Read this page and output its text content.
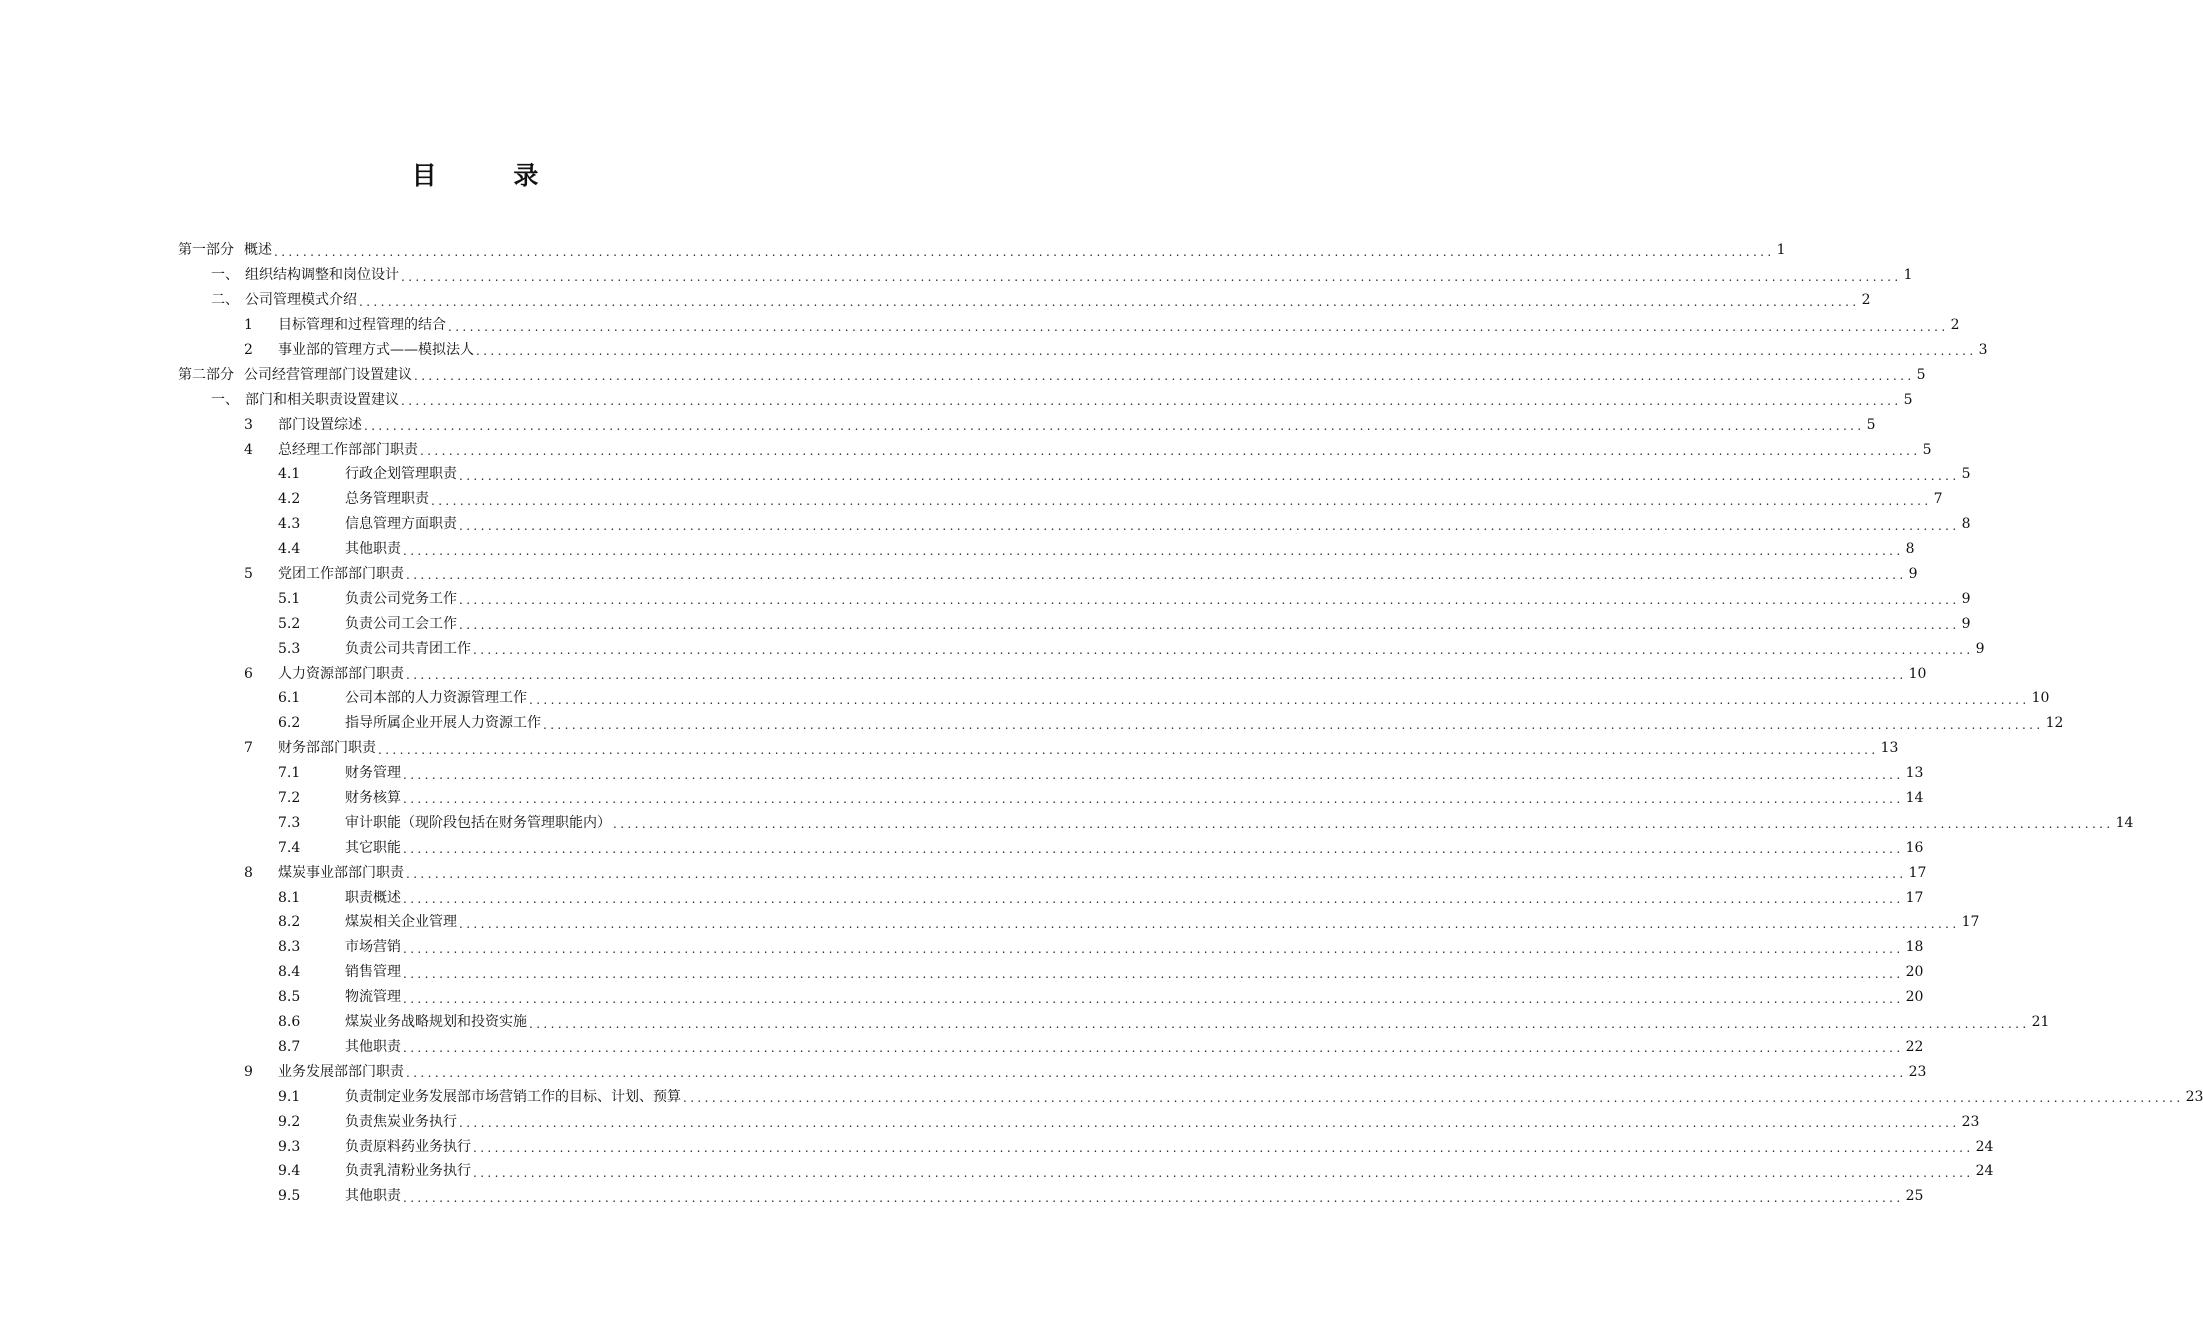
目 录
第一部分 概述 .....	1
一、 组织结构调整和岗位设计 .....	1
二、 公司管理模式介绍 .....	2
1	目标管理和过程管理的结合 .....	2
2	事业部的管理方式——模拟法人 .....	3
第二部分 公司经营管理部门设置建议 .....	5
一、 部门和相关职责设置建议 .....	5
3	部门设置综述 .....	5
4	总经理工作部部门职责 .....	5
4.1	行政企划管理职责 .....	5
4.2	总务管理职责 .....	7
4.3	信息管理方面职责 .....	8
4.4	其他职责 .....	8
5	党团工作部部门职责 .....	9
5.1	负责公司党务工作 .....	9
5.2	负责公司工会工作 .....	9
5.3	负责公司共青团工作 .....	9
6	人力资源部部门职责 .....	10
6.1	公司本部的人力资源管理工作 .....	10
6.2	指导所属企业开展人力资源工作 .....	12
7	财务部部门职责 .....	13
7.1	财务管理 .....	13
7.2	财务核算 .....	14
7.3	审计职能（现阶段包括在财务管理职能内） .....	14
7.4	其它职能 .....	16
8	煤炭事业部部门职责 .....	17
8.1	职责概述 .....	17
8.2	煤炭相关企业管理 .....	17
8.3	市场营销 .....	18
8.4	销售管理 .....	20
8.5	物流管理 .....	20
8.6	煤炭业务战略规划和投资实施 .....	21
8.7	其他职责 .....	22
9	业务发展部部门职责 .....	23
9.1	负责制定业务发展部市场营销工作的目标、计划、预算 .....	23
9.2	负责焦炭业务执行 .....	23
9.3	负责原料药业务执行 .....	24
9.4	负责乳清粉业务执行 .....	24
9.5	其他职责 .....	25
